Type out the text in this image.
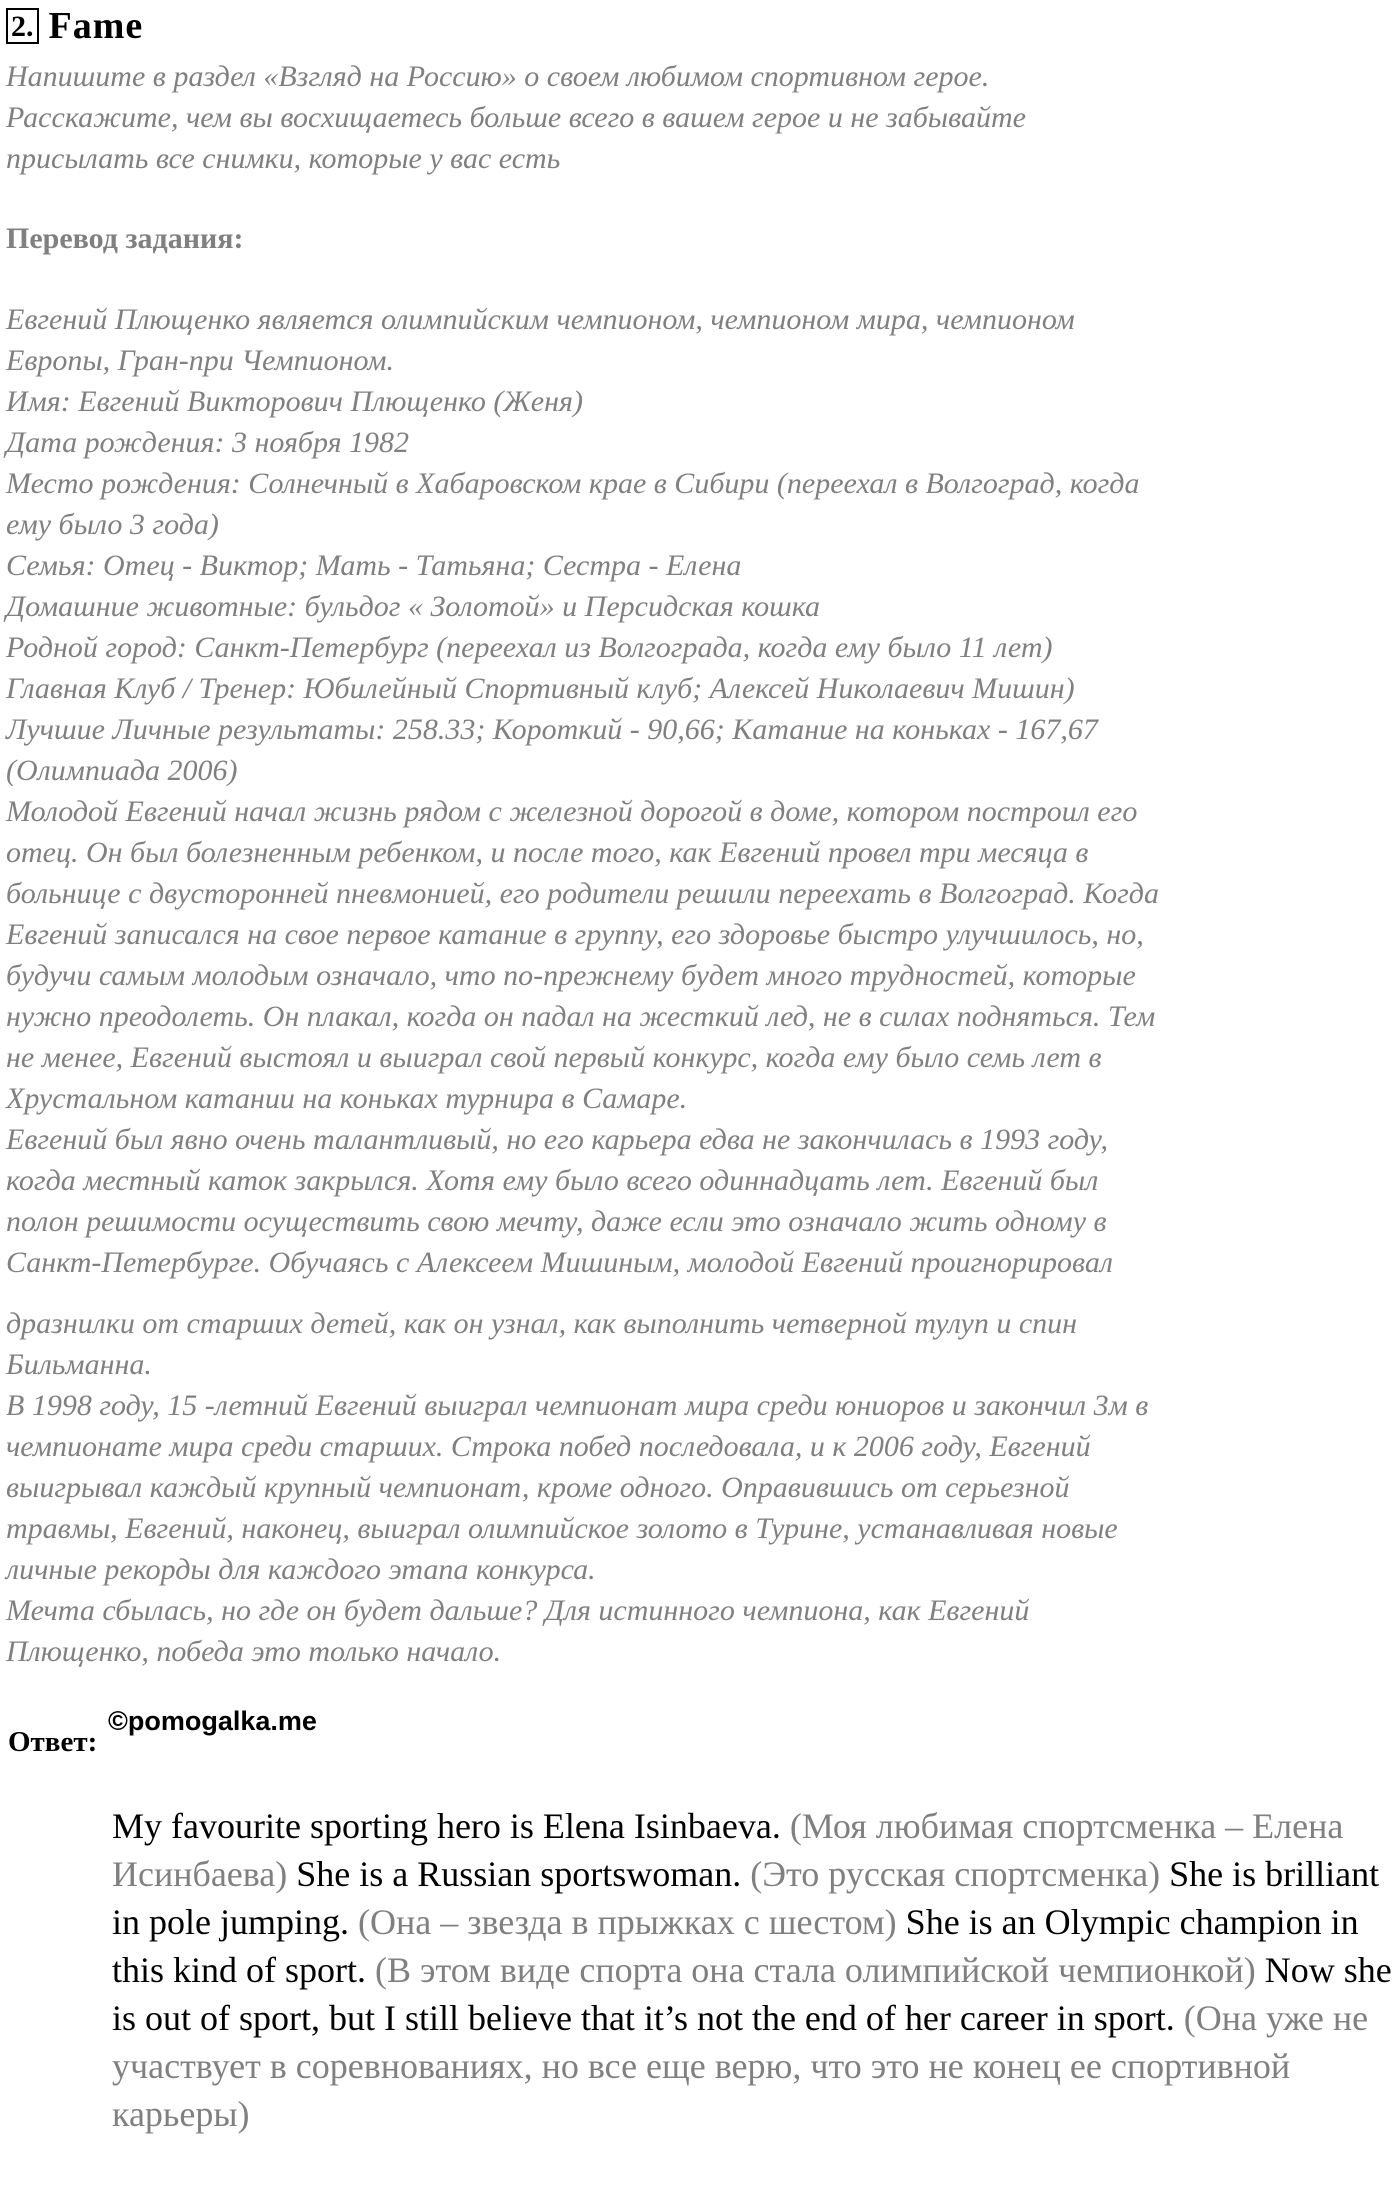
2. Fame
Напишите в раздел «Взгляд на Россию» о своем любимом спортивном герое.
Расскажите, чем вы восхищаетесь больше всего в вашем герое и не забывайте
присылать все снимки, которые у вас есть
Перевод задания:
Евгений Плющенко является олимпийским чемпионом, чемпионом мира, чемпионом
Европы, Гран-при Чемпионом.
Имя: Евгений Викторович Плющенко (Женя)
Дата рождения: 3 ноября 1982
Место рождения: Солнечный в Хабаровском крае в Сибири (переехал в Волгоград, когда
ему было 3 года)
Семья: Отец - Виктор; Мать - Татьяна; Сестра - Елена
Домашние животные: бульдог « Золотой» и Персидская кошка
Родной город: Санкт-Петербург (переехал из Волгограда, когда ему было 11 лет)
Главная Клуб / Тренер: Юбилейный Спортивный клуб; Алексей Николаевич Мишин)
Лучшие Личные результаты: 258.33; Короткий - 90,66; Катание на коньках - 167,67
(Олимпиада 2006)
Молодой Евгений начал жизнь рядом с железной дорогой в доме, котором построил его
отец. Он был болезненным ребенком, и после того, как Евгений провел три месяца в
больнице с двусторонней пневмонией, его родители решили переехать в Волгоград. Когда
Евгений записался на свое первое катание в группу, его здоровье быстро улучшилось, но,
будучи самым молодым означало, что по-прежнему будет много трудностей, которые
нужно преодолеть. Он плакал, когда он падал на жесткий лед, не в силах подняться. Тем
не менее, Евгений выстоял и выиграл свой первый конкурс, когда ему было семь лет в
Хрустальном катании на коньках турнира в Самаре.
Евгений был явно очень талантливый, но его карьера едва не закончилась в 1993 году,
когда местный каток закрылся. Хотя ему было всего одиннадцать лет. Евгений был
полон решимости осуществить свою мечту, даже если это означало жить одному в
Санкт-Петербурге. Обучаясь с Алексеем Мишиным, молодой Евгений проигнорировал
дразнилки от старших детей, как он узнал, как выполнить четверной тулуп и спин
Бильманна.
В 1998 году, 15 -летний Евгений выиграл чемпионат мира среди юниоров и закончил 3м в
чемпионате мира среди старших. Строка побед последовала, и к 2006 году, Евгений
выигрывал каждый крупный чемпионат, кроме одного. Оправившись от серьезной
травмы, Евгений, наконец, выиграл олимпийское золото в Турине, устанавливая новые
личные рекорды для каждого этапа конкурса.
Мечта сбылась, но где он будет дальше? Для истинного чемпиона, как Евгений
Плющенко, победа это только начало.
Ответ:
©pomogalka.me
My favourite sporting hero is Elena Isinbaeva. (Моя любимая спортсменка – Елена Исинбаева) She is a Russian sportswoman. (Это русская спортсменка) She is brilliant in pole jumping. (Она – звезда в прыжках с шестом) She is an Olympic champion in this kind of sport. (В этом виде спорта она стала олимпийской чемпионкой) Now she is out of sport, but I still believe that it’s not the end of her career in sport. (Она уже не участвует в соревнованиях, но все еще верю, что это не конец ее спортивной карьеры)
